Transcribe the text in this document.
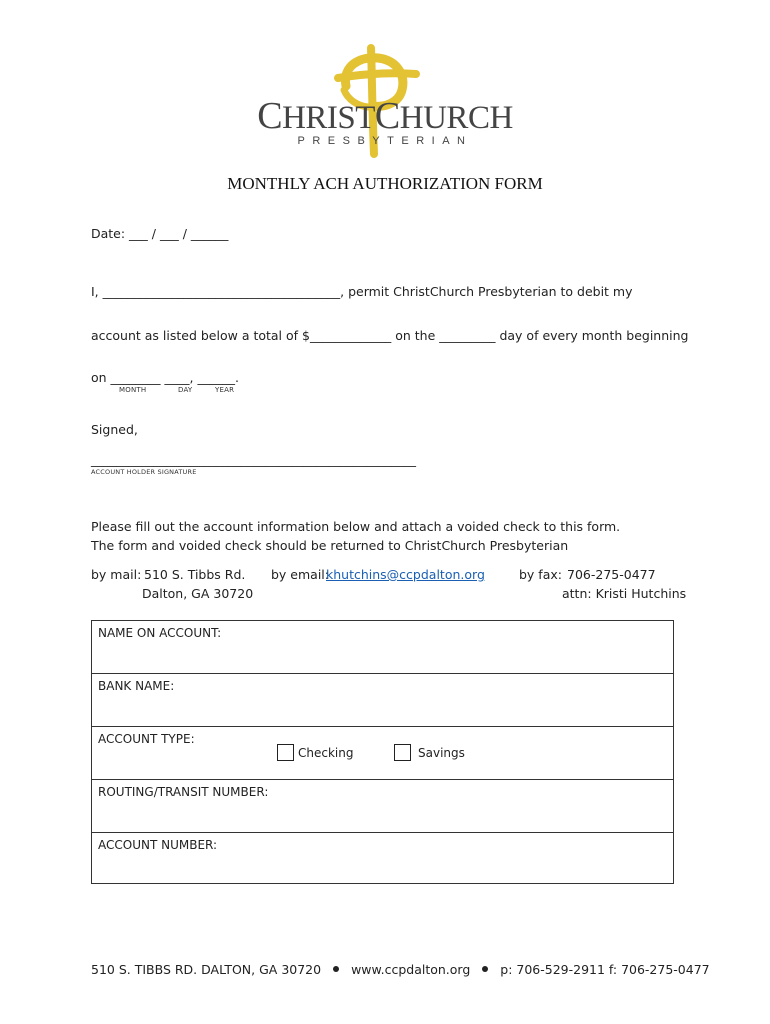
CHRISTCHURCH
PRESBYTERIAN
MONTHLY ACH AUTHORIZATION FORM
Date: ___ / ___ / ______
I, ______________________________________, permit ChristChurch Presbyterian to debit my
account as listed below a total of $_____________ on the _________ day of every month beginning
on ________ ____, ______.
MONTH	DAY	YEAR
Signed,
____________________________________________________
ACCOUNT HOLDER SIGNATURE
Please fill out the account information below and attach a voided check to this form.
The form and voided check should be returned to ChristChurch Presbyterian
by mail: 510 S. Tibbs Rd.
Dalton, GA 30720
by email:
khutchins@ccpdalton.org	by fax: 706-275-0477
attn: Kristi Hutchins
NAME ON ACCOUNT:
BANK NAME:
ACCOUNT TYPE:
Checking	Savings
ROUTING/TRANSIT NUMBER:
ACCOUNT NUMBER:
510 S. TIBBS RD. DALTON, GA 30720 www.ccpdalton.org p: 706-529-2911 f: 706-275-0477
